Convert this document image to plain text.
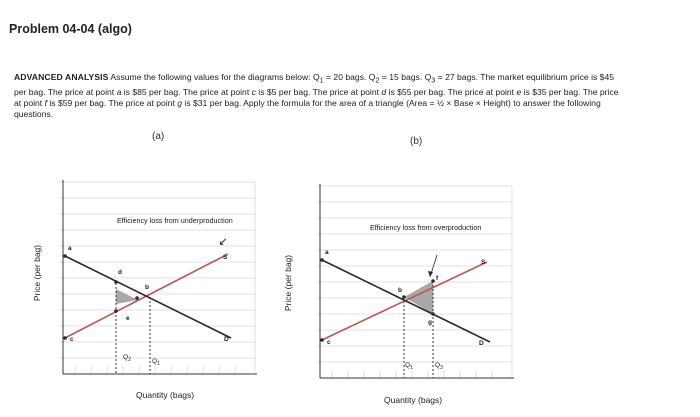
Problem 04-04 (algo)
ADVANCED ANALYSIS Assume the following values for the diagrams below: $Q_1 = 20$ bags. $Q_2 = 15$ bags. $Q_3 = 27$ bags. The market equilibrium price is $45 per bag. The price at point a is $85 per bag. The price at point c is $5 per bag. The price at point d is $55 per bag. The price at point e is $35 per bag. The price at point f is $59 per bag. The price at point g is $31 per bag. Apply the formula for the area of a triangle (Area = ½ × Base × Height) to answer the following questions.
(a)	(b)
Price (per bag)
Quantity (bags)
Price (per bag)
Quantity (bags)
↙
Efficiency loss from underproduction
a
c
d
e
b
S
D
$Q_2$	$Q_1$
Efficiency loss from overproduction
a
c
b
f
g
S
D
$Q_1$	$Q_3$
